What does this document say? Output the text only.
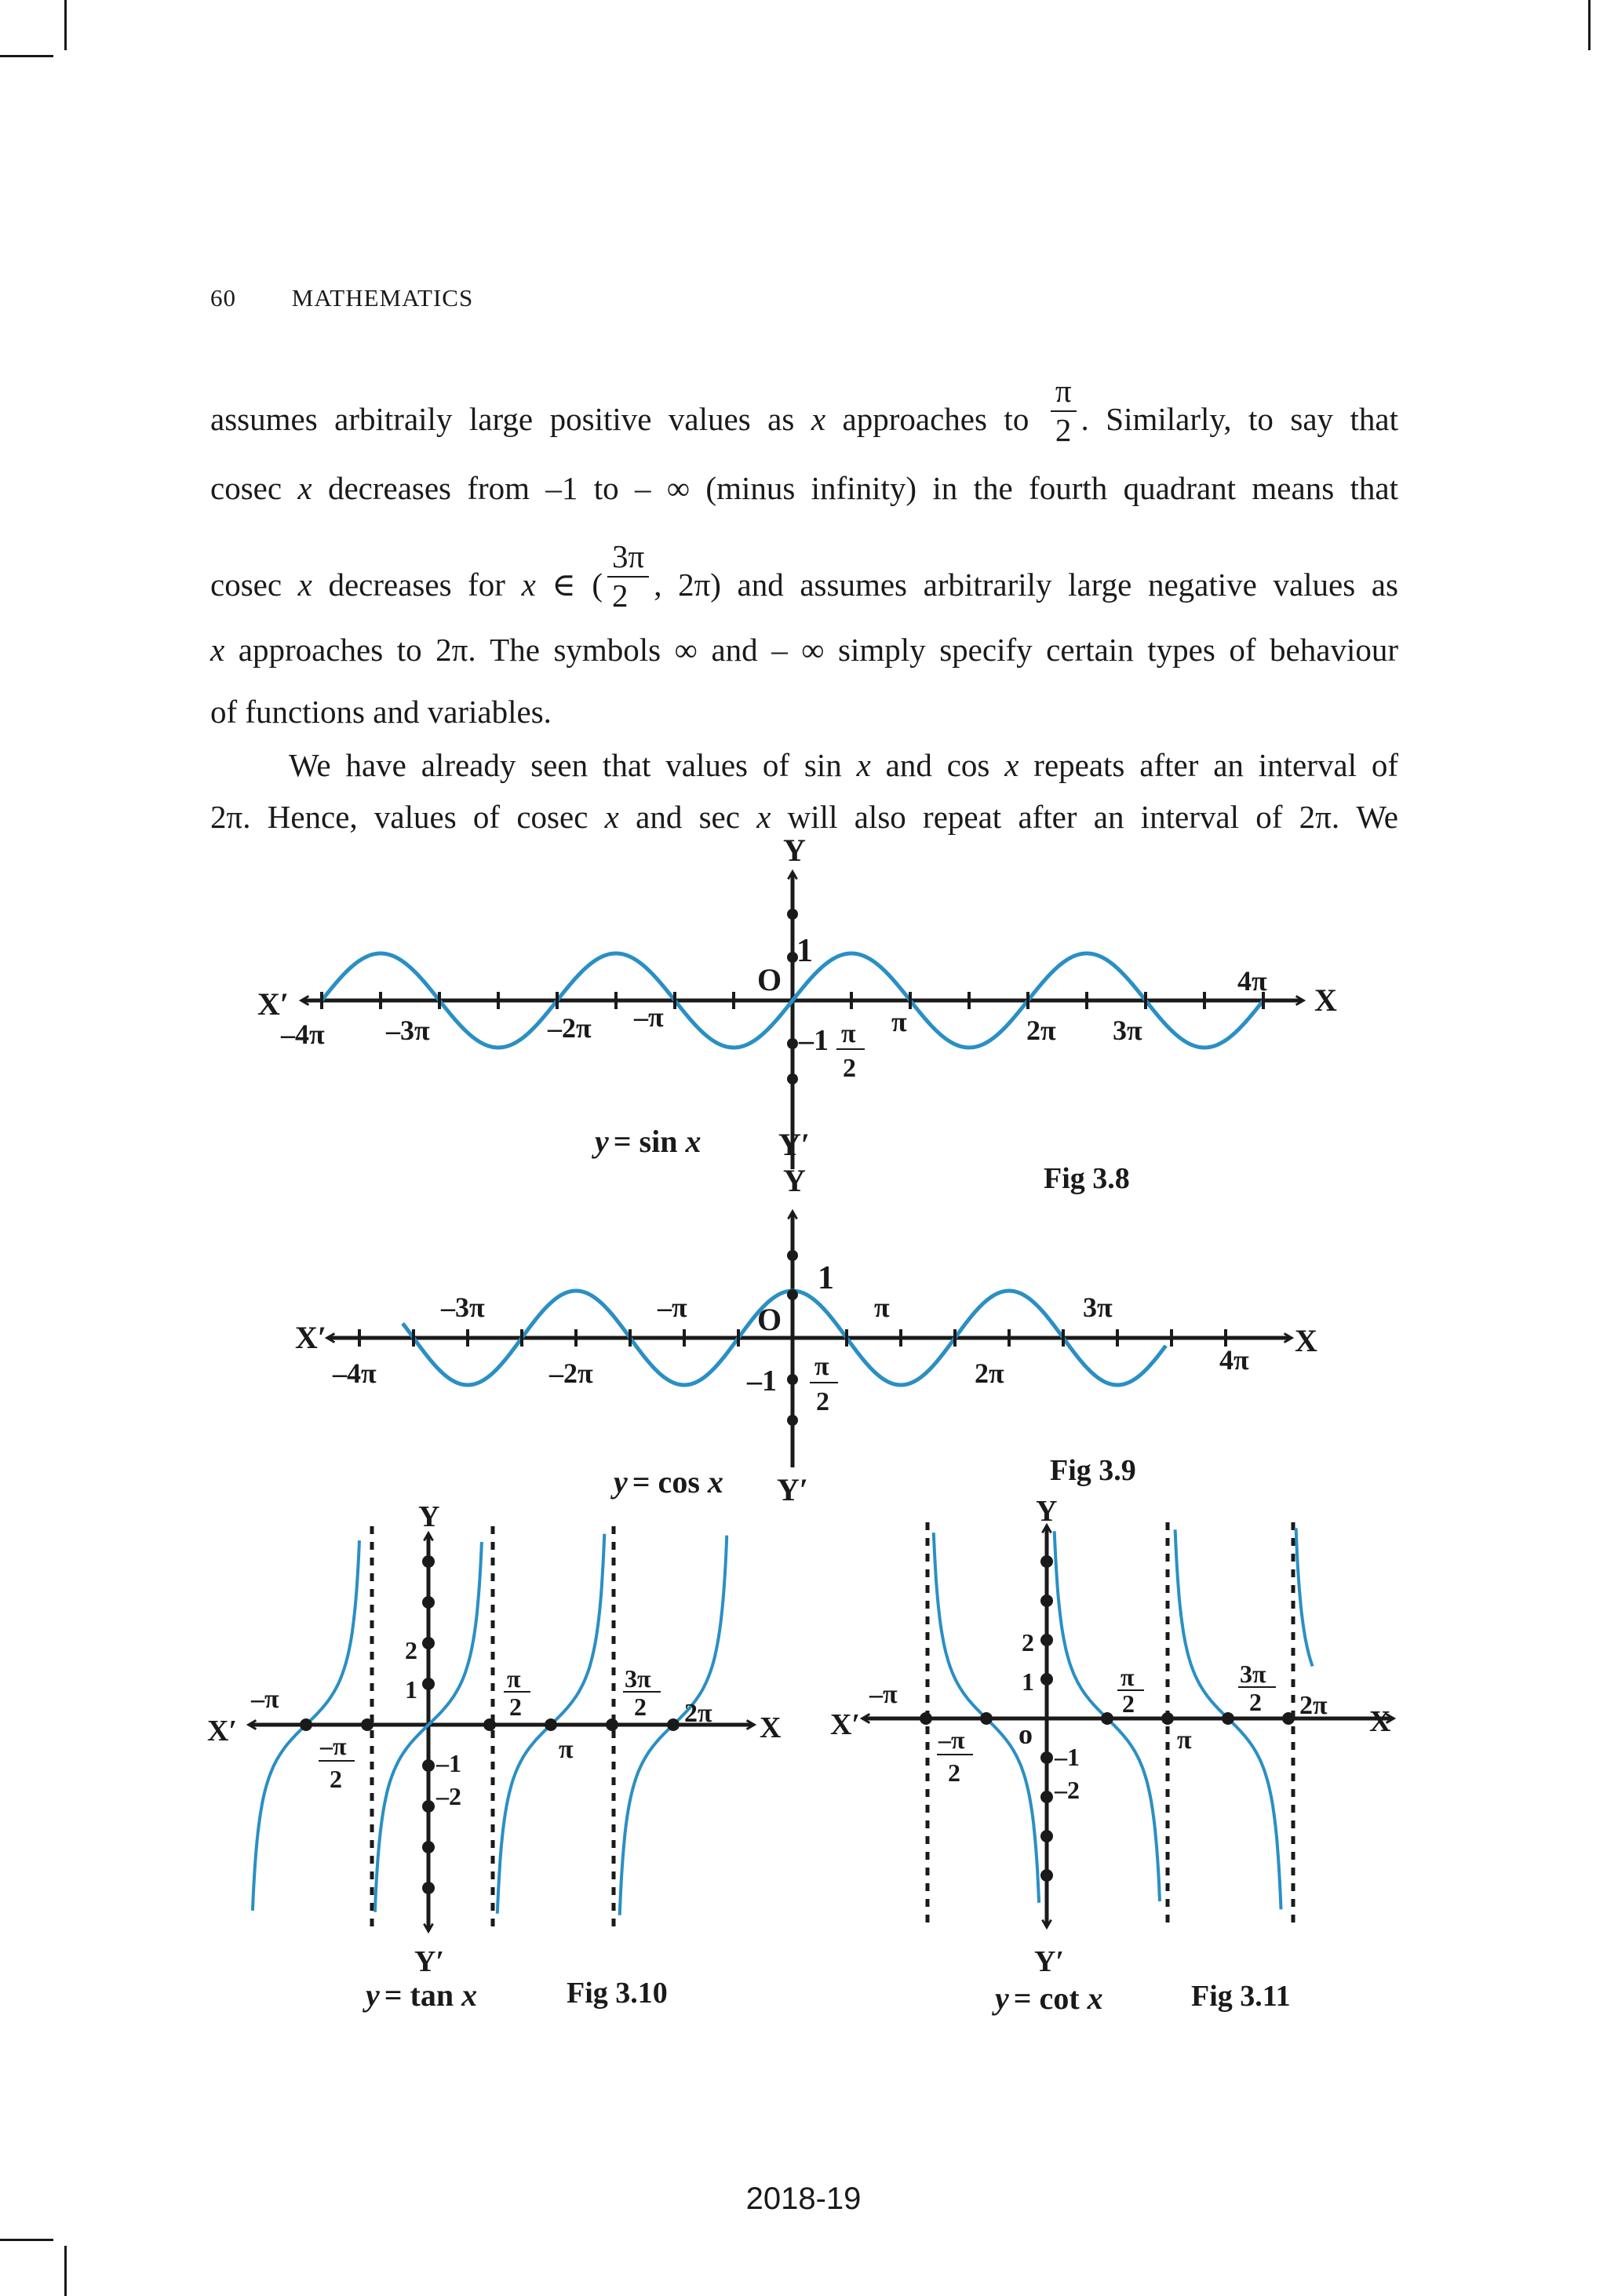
60 MATHEMATICS
assumes arbitraily large positive values as x approaches to $\frac{\pi}{2}$ . Similarly, to say that
cosec x decreases from –1 to – ∞ (minus infinity) in the fourth quadrant means that
cosec x decreases for x ∈ ( $\frac{3\pi}{2}$ , 2π) and assumes arbitrarily large negative values as
x approaches to 2π. The symbols ∞ and – ∞ simply specify certain types of behaviour
of functions and variables.
We have already seen that values of sin x and cos x repeats after an interval of
2π. Hence, values of cosec x and sec x will also repeat after an interval of 2π. We
Y
Y′
X
X′
O
1
–1
–4π –3π	–2π –π	π	2π 3π
4π
π
2
y = sin x
Fig 3.8
Y
Y′
X
X′
O
1
–1
–4π
–3π
–2π
–π	π
2π
3π
4π
π
2
y = cos x	Fig 3.9
Y
Y′
X
X′
–π
–π
2
π
2
3π
2
π
2π
2
1
–1
–2
y = tan x	Fig 3.10
Y
Y′
X
X′	o
–π
–π
2
π
2
3π
2
π
2π
2
1
–1
–2
y = cot x	Fig 3.11
2018-19
